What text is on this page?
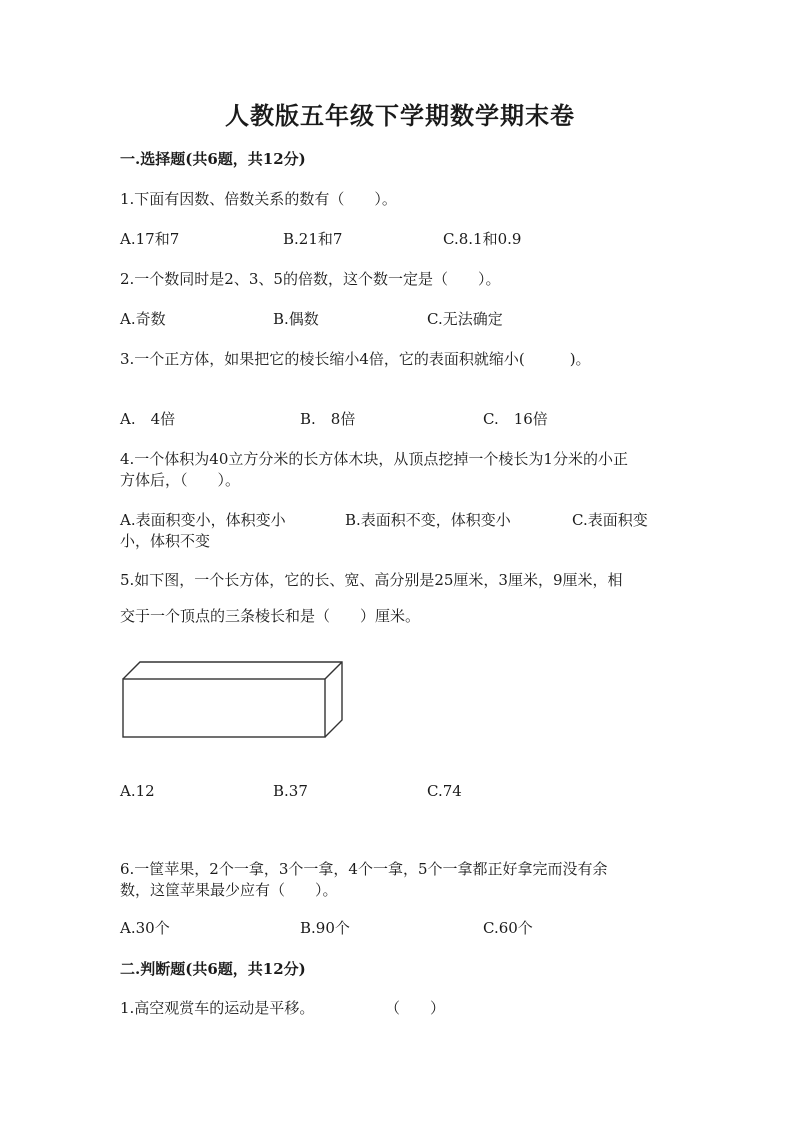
人教版五年级下学期数学期末卷
一.选择题(共6题，共12分)
1.下面有因数、倍数关系的数有（　　）。
A.17和7	B.21和7	C.8.1和0.9
2.一个数同时是2、3、5的倍数，这个数一定是（　　）。
A.奇数	B.偶数	C.无法确定
3.一个正方体，如果把它的棱长缩小4倍，它的表面积就缩小(　　　)。
A.　4倍	B.　8倍	C.　16倍
4.一个体积为40立方分米的长方体木块，从顶点挖掉一个棱长为1分米的小正
方体后，（　　）。
A.表面积变小，体积变小	B.表面积不变，体积变小	C.表面积变
小，体积不变
5.如下图，一个长方体，它的长、宽、高分别是25厘米，3厘米，9厘米，相
交于一个顶点的三条棱长和是（　　）厘米。
A.12	B.37	C.74
6.一筐苹果，2个一拿，3个一拿，4个一拿，5个一拿都正好拿完而没有余
数，这筐苹果最少应有（　　）。
A.30个	B.90个	C.60个
二.判断题(共6题，共12分)
1.高空观赏车的运动是平移。	（　　）
